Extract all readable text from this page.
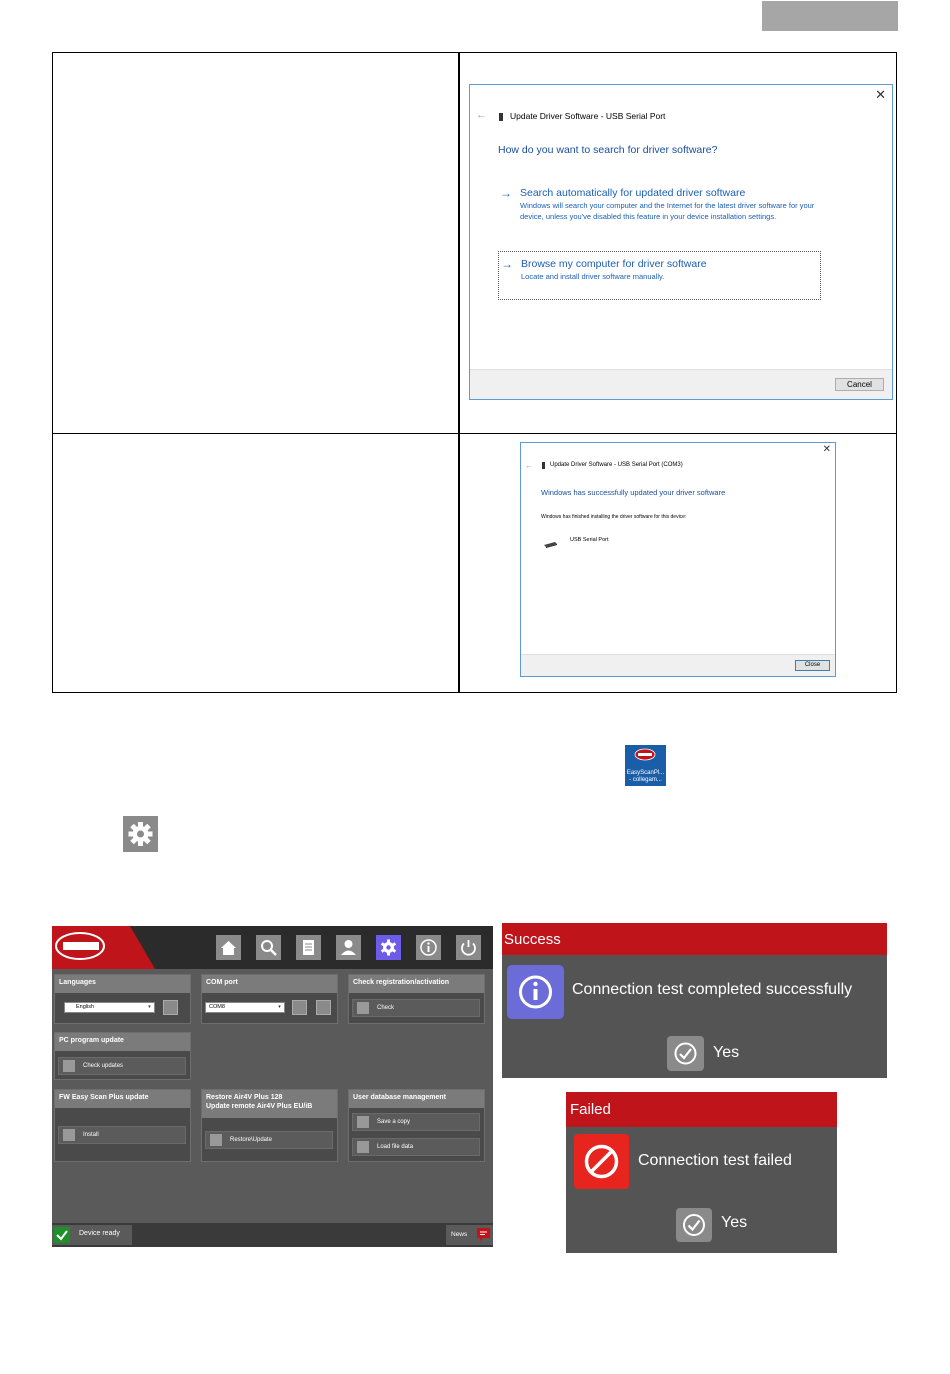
✕
←	Update Driver Software - USB Serial Port
How do you want to search for driver software?
→ Search automatically for updated driver software
Windows will search your computer and the Internet for the latest driver software for your device, unless you've disabled this feature in your device installation settings.
→ Browse my computer for driver software
Locate and install driver software manually.
Cancel
✕
←	Update Driver Software - USB Serial Port (COM3)
Windows has successfully updated your driver software
Windows has finished installing the driver software for this device:
USB Serial Port
Close
EasyScanPl... - collegam...
Languages
English	▾
COM port
COM8	▾
Check registration/activation
Check
PC program update
Check updates
FW Easy Scan Plus update
Install
Restore Air4V Plus 128
Update remote Air4V Plus EU/iB
Restore\Update
User database management
Save a copy
Load file data
Device ready	News
Success
Connection test completed successfully
Yes
Failed
Connection test failed
Yes
